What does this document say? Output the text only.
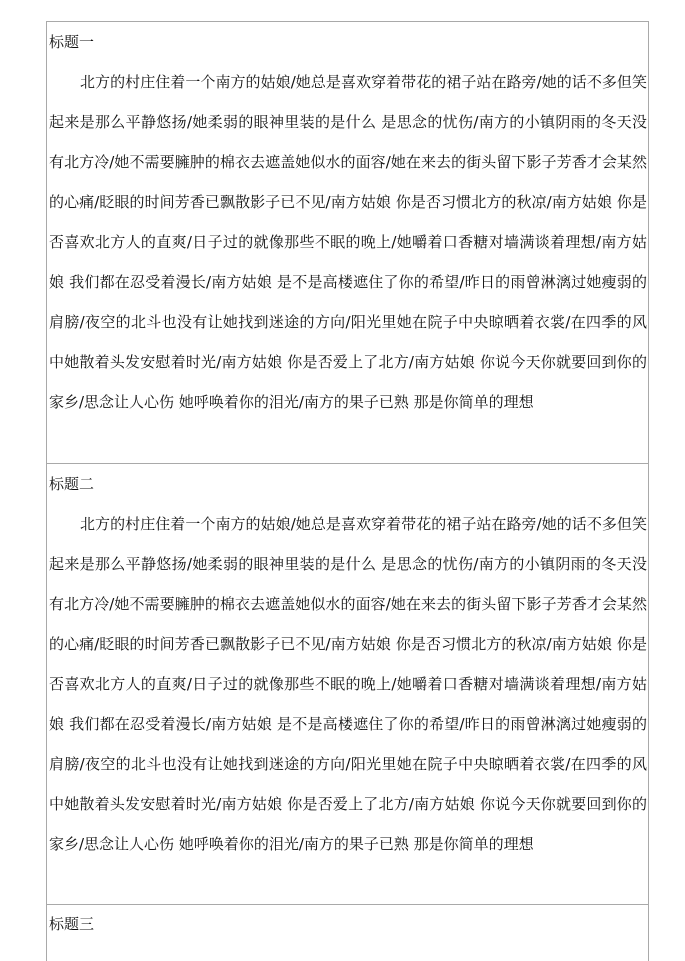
标题一
北方的村庄住着一个南方的姑娘/她总是喜欢穿着带花的裙子站在路旁/她的话不多但笑起来是那么平静悠扬/她柔弱的眼神里装的是什么 是思念的忧伤/南方的小镇阴雨的冬天没有北方冷/她不需要臃肿的棉衣去遮盖她似水的面容/她在来去的街头留下影子芳香才会某然的心痛/眨眼的时间芳香已飘散影子已不见/南方姑娘 你是否习惯北方的秋凉/南方姑娘 你是否喜欢北方人的直爽/日子过的就像那些不眠的晚上/她嚼着口香糖对墙满谈着理想/南方姑娘 我们都在忍受着漫长/南方姑娘 是不是高楼遮住了你的希望/昨日的雨曾淋漓过她瘦弱的肩膀/夜空的北斗也没有让她找到迷途的方向/阳光里她在院子中央晾晒着衣裳/在四季的风中她散着头发安慰着时光/南方姑娘 你是否爱上了北方/南方姑娘 你说今天你就要回到你的家乡/思念让人心伤 她呼唤着你的泪光/南方的果子已熟 那是你简单的理想
标题二
北方的村庄住着一个南方的姑娘/她总是喜欢穿着带花的裙子站在路旁/她的话不多但笑起来是那么平静悠扬/她柔弱的眼神里装的是什么 是思念的忧伤/南方的小镇阴雨的冬天没有北方冷/她不需要臃肿的棉衣去遮盖她似水的面容/她在来去的街头留下影子芳香才会某然的心痛/眨眼的时间芳香已飘散影子已不见/南方姑娘 你是否习惯北方的秋凉/南方姑娘 你是否喜欢北方人的直爽/日子过的就像那些不眠的晚上/她嚼着口香糖对墙满谈着理想/南方姑娘 我们都在忍受着漫长/南方姑娘 是不是高楼遮住了你的希望/昨日的雨曾淋漓过她瘦弱的肩膀/夜空的北斗也没有让她找到迷途的方向/阳光里她在院子中央晾晒着衣裳/在四季的风中她散着头发安慰着时光/南方姑娘 你是否爱上了北方/南方姑娘 你说今天你就要回到你的家乡/思念让人心伤 她呼唤着你的泪光/南方的果子已熟 那是你简单的理想
标题三
